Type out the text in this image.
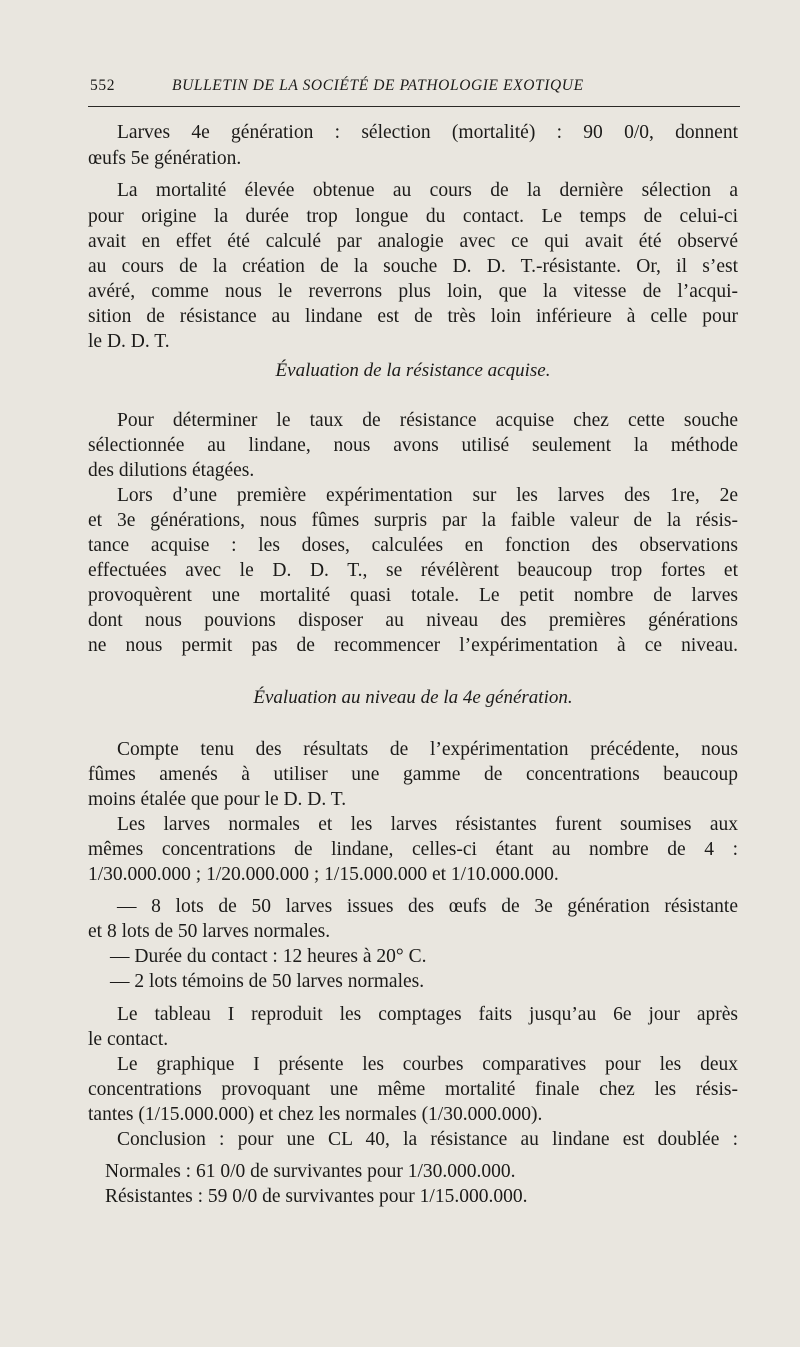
552	BULLETIN DE LA SOCIÉTÉ DE PATHOLOGIE EXOTIQUE
Larves 4e génération : sélection (mortalité) : 90 0/0, donnent
œufs 5e génération.
La mortalité élevée obtenue au cours de la dernière sélection a
pour origine la durée trop longue du contact. Le temps de celui-ci
avait en effet été calculé par analogie avec ce qui avait été observé
au cours de la création de la souche D. D. T.-résistante. Or, il s’est
avéré, comme nous le reverrons plus loin, que la vitesse de l’acqui-
sition de résistance au lindane est de très loin inférieure à celle pour
le D. D. T.
Évaluation de la résistance acquise.
Pour déterminer le taux de résistance acquise chez cette souche
sélectionnée au lindane, nous avons utilisé seulement la méthode
des dilutions étagées.
Lors d’une première expérimentation sur les larves des 1re, 2e
et 3e générations, nous fûmes surpris par la faible valeur de la résis-
tance acquise : les doses, calculées en fonction des observations
effectuées avec le D. D. T., se révélèrent beaucoup trop fortes et
provoquèrent une mortalité quasi totale. Le petit nombre de larves
dont nous pouvions disposer au niveau des premières générations
ne nous permit pas de recommencer l’expérimentation à ce niveau.
Évaluation au niveau de la 4e génération.
Compte tenu des résultats de l’expérimentation précédente, nous
fûmes amenés à utiliser une gamme de concentrations beaucoup
moins étalée que pour le D. D. T.
Les larves normales et les larves résistantes furent soumises aux
mêmes concentrations de lindane, celles-ci étant au nombre de 4 :
1/30.000.000 ; 1/20.000.000 ; 1/15.000.000 et 1/10.000.000.
— 8 lots de 50 larves issues des œufs de 3e génération résistante
et 8 lots de 50 larves normales.
— Durée du contact : 12 heures à 20° C.
— 2 lots témoins de 50 larves normales.
Le tableau I reproduit les comptages faits jusqu’au 6e jour après
le contact.
Le graphique I présente les courbes comparatives pour les deux
concentrations provoquant une même mortalité finale chez les résis-
tantes (1/15.000.000) et chez les normales (1/30.000.000).
Conclusion : pour une CL 40, la résistance au lindane est doublée :
Normales : 61 0/0 de survivantes pour 1/30.000.000.
Résistantes : 59 0/0 de survivantes pour 1/15.000.000.
